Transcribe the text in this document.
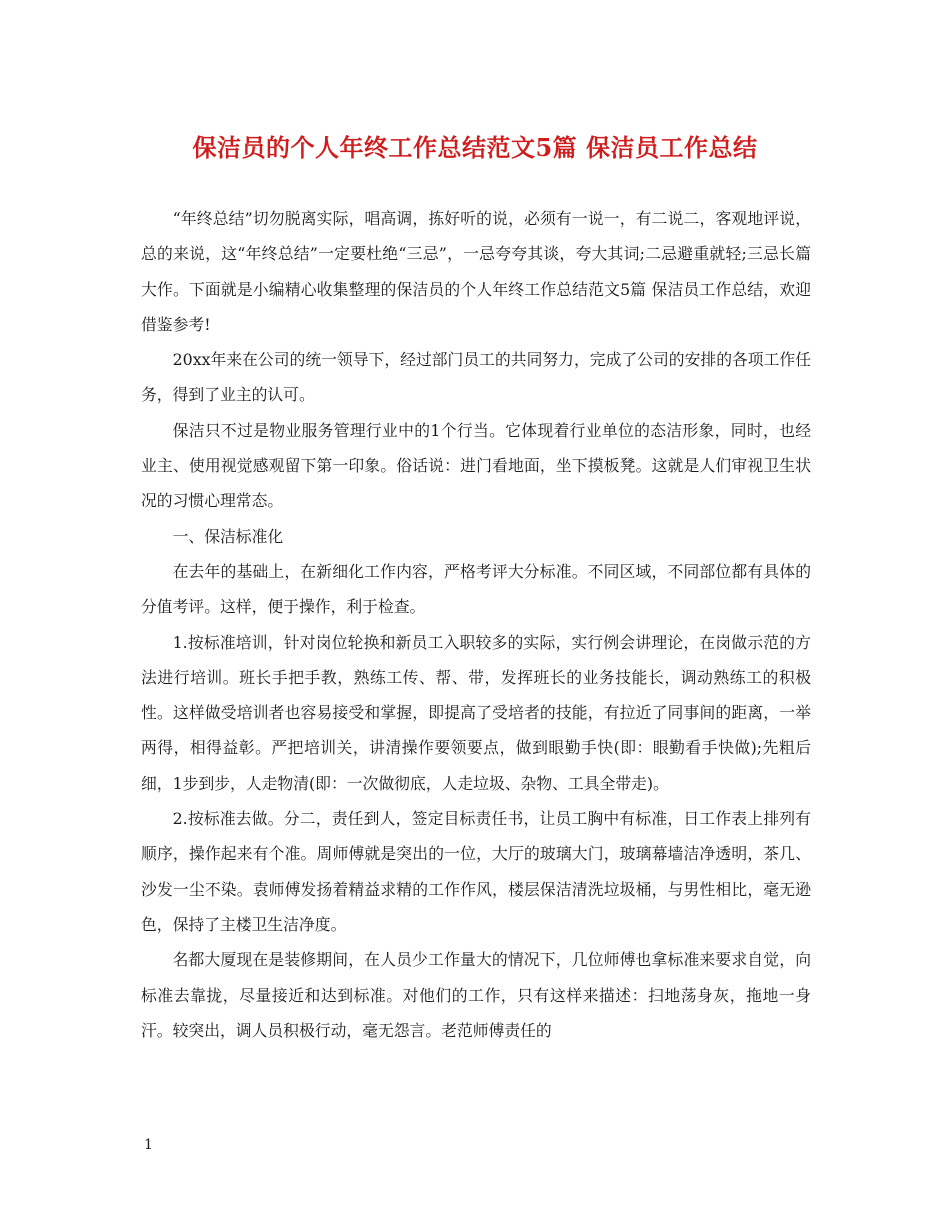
保洁员的个人年终工作总结范文5篇 保洁员工作总结

“年终总结”切勿脱离实际，唱高调，拣好听的说，必须有一说一，有二说二，客观地评说，总的来说，这“年终总结”一定要杜绝“三忌”，一忌夸夸其谈，夸大其词;二忌避重就轻;三忌长篇大作。下面就是小编精心收集整理的保洁员的个人年终工作总结范文5篇 保洁员工作总结，欢迎借鉴参考!

20xx年来在公司的统一领导下，经过部门员工的共同努力，完成了公司的安排的各项工作任务，得到了业主的认可。

保洁只不过是物业服务管理行业中的1个行当。它体现着行业单位的态洁形象，同时，也经业主、使用视觉感观留下第一印象。俗话说：进门看地面，坐下摸板凳。这就是人们审视卫生状况的习惯心理常态。

一、保洁标准化

在去年的基础上，在新细化工作内容，严格考评大分标准。不同区域，不同部位都有具体的分值考评。这样，便于操作，利于检查。

1.按标准培训，针对岗位轮换和新员工入职较多的实际，实行例会讲理论，在岗做示范的方法进行培训。班长手把手教，熟练工传、帮、带，发挥班长的业务技能长，调动熟练工的积极性。这样做受培训者也容易接受和掌握，即提高了受培者的技能，有拉近了同事间的距离，一举两得，相得益彰。严把培训关，讲清操作要领要点，做到眼勤手快(即：眼勤看手快做);先粗后细，1步到步，人走物清(即：一次做彻底，人走垃圾、杂物、工具全带走)。

2.按标准去做。分二，责任到人，签定目标责任书，让员工胸中有标准，日工作表上排列有顺序，操作起来有个准。周师傅就是突出的一位，大厅的玻璃大门，玻璃幕墙洁净透明，茶几、沙发一尘不染。袁师傅发扬着精益求精的工作作风，楼层保洁清洗垃圾桶，与男性相比，毫无逊色，保持了主楼卫生洁净度。

名都大厦现在是装修期间，在人员少工作量大的情况下，几位师傅也拿标准来要求自觉，向标准去靠拢，尽量接近和达到标准。对他们的工作，只有这样来描述：扫地荡身灰，拖地一身汗。较突出，调人员积极行动，毫无怨言。老范师傅责任的

1
